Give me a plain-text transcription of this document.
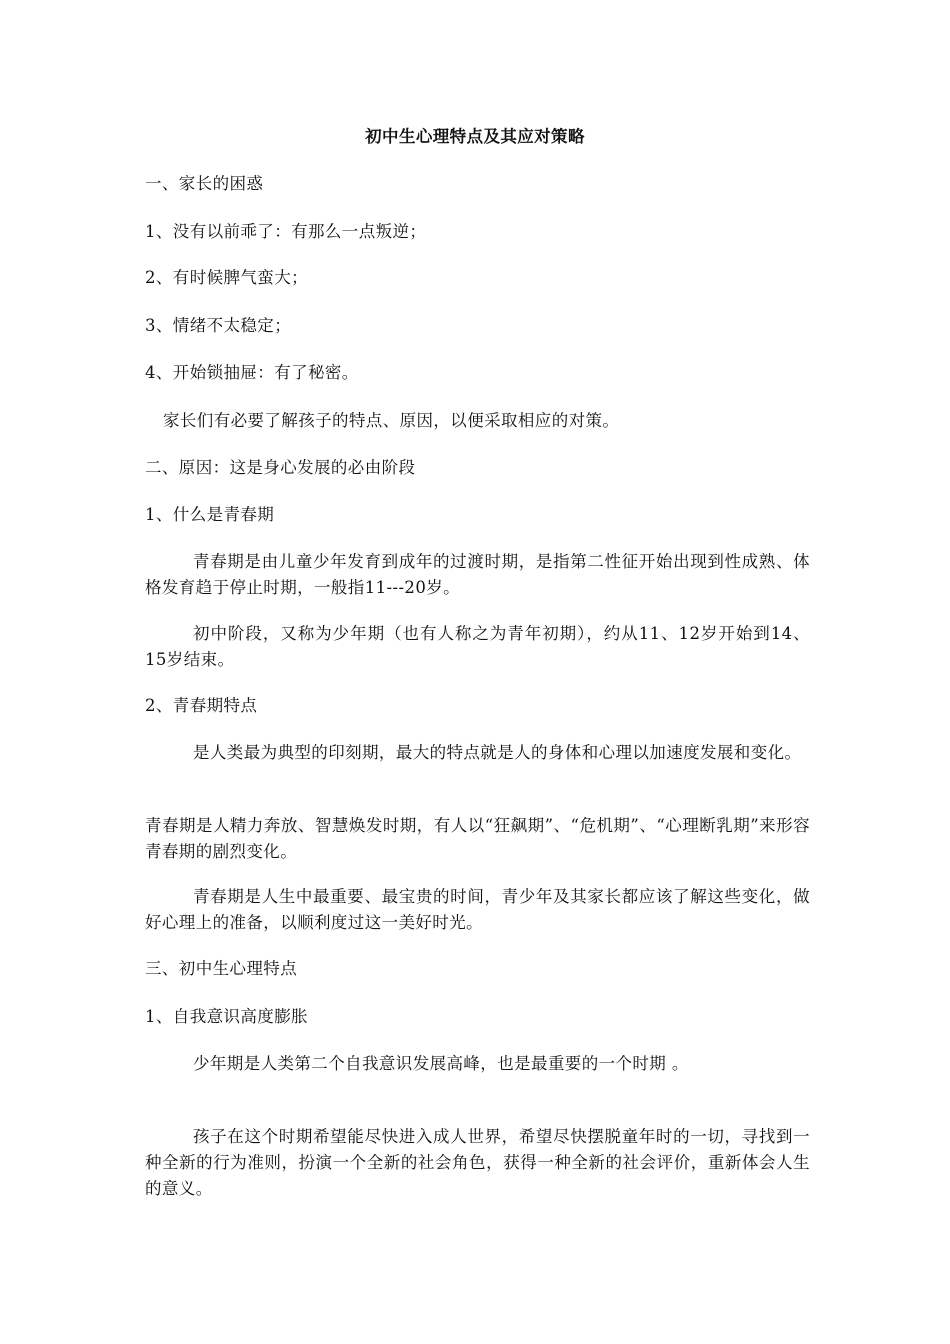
初中生心理特点及其应对策略
一、家长的困惑
1、没有以前乖了：有那么一点叛逆；
2、有时候脾气蛮大；
3、情绪不太稳定；
4、开始锁抽屉：有了秘密。
家长们有必要了解孩子的特点、原因，以便采取相应的对策。
二、原因：这是身心发展的必由阶段
1、什么是青春期
青春期是由儿童少年发育到成年的过渡时期，是指第二性征开始出现到性成熟、体格发育趋于停止时期，一般指11---20岁。
初中阶段，又称为少年期（也有人称之为青年初期），约从11、12岁开始到14、15岁结束。
2、青春期特点
是人类最为典型的印刻期，最大的特点就是人的身体和心理以加速度发展和变化。
青春期是人精力奔放、智慧焕发时期，有人以“狂飙期”、“危机期”、“心理断乳期”来形容青春期的剧烈变化。
青春期是人生中最重要、最宝贵的时间，青少年及其家长都应该了解这些变化，做好心理上的准备，以顺利度过这一美好时光。
三、初中生心理特点
1、自我意识高度膨胀
少年期是人类第二个自我意识发展高峰，也是最重要的一个时期 。
孩子在这个时期希望能尽快进入成人世界，希望尽快摆脱童年时的一切，寻找到一种全新的行为准则，扮演一个全新的社会角色，获得一种全新的社会评价，重新体会人生的意义。
